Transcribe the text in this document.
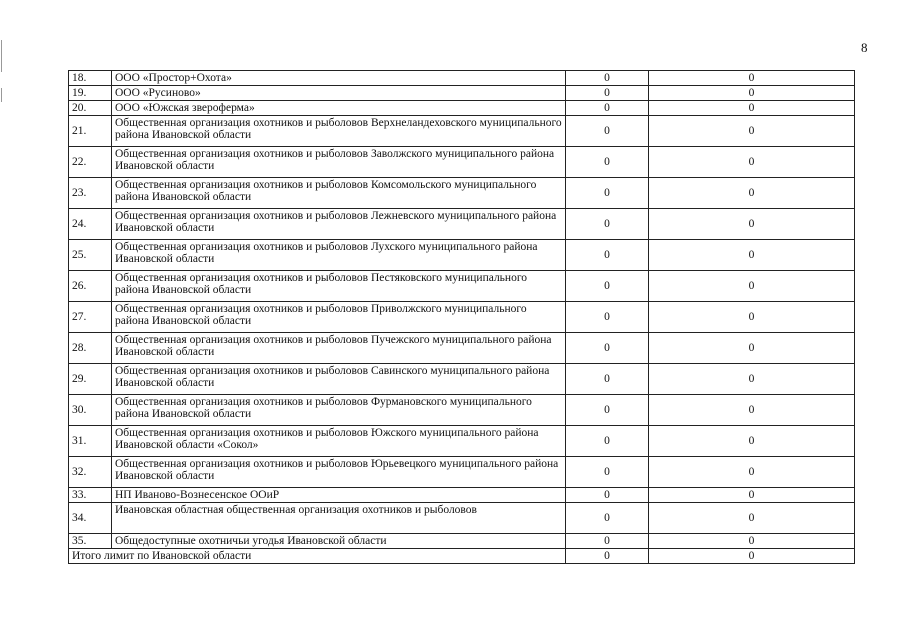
8
18.	ООО «Простор+Охота»	0	0
19.	ООО «Русиново»	0	0
20.	ООО «Южская звероферма»	0	0
21.	Общественная организация охотников и рыболовов Верхнеландеховского муниципального района Ивановской области	0	0
22.	Общественная организация охотников и рыболовов Заволжского муниципального района Ивановской области	0	0
23.	Общественная организация охотников и рыболовов Комсомольского муниципального района Ивановской области	0	0
24.	Общественная организация охотников и рыболовов Лежневского муниципального района Ивановской области	0	0
25.	Общественная организация охотников и рыболовов Лухского муниципального района Ивановской области	0	0
26.	Общественная организация охотников и рыболовов Пестяковского муниципального района Ивановской области	0	0
27.	Общественная организация охотников и рыболовов Приволжского муниципального района Ивановской области	0	0
28.	Общественная организация охотников и рыболовов Пучежского муниципального района Ивановской области	0	0
29.	Общественная организация охотников и рыболовов Савинского муниципального района Ивановской области	0	0
30.	Общественная организация охотников и рыболовов Фурмановского муниципального района Ивановской области	0	0
31.	Общественная организация охотников и рыболовов Южского муниципального района Ивановской области «Сокол»	0	0
32.	Общественная организация охотников и рыболовов Юрьевецкого муниципального района Ивановской области	0	0
33.	НП Иваново-Вознесенское ООиР	0	0
34.	Ивановская областная общественная организация охотников и рыболовов	0	0
35.	Общедоступные охотничьи угодья Ивановской области	0	0
Итого лимит по Ивановской области		0	0
